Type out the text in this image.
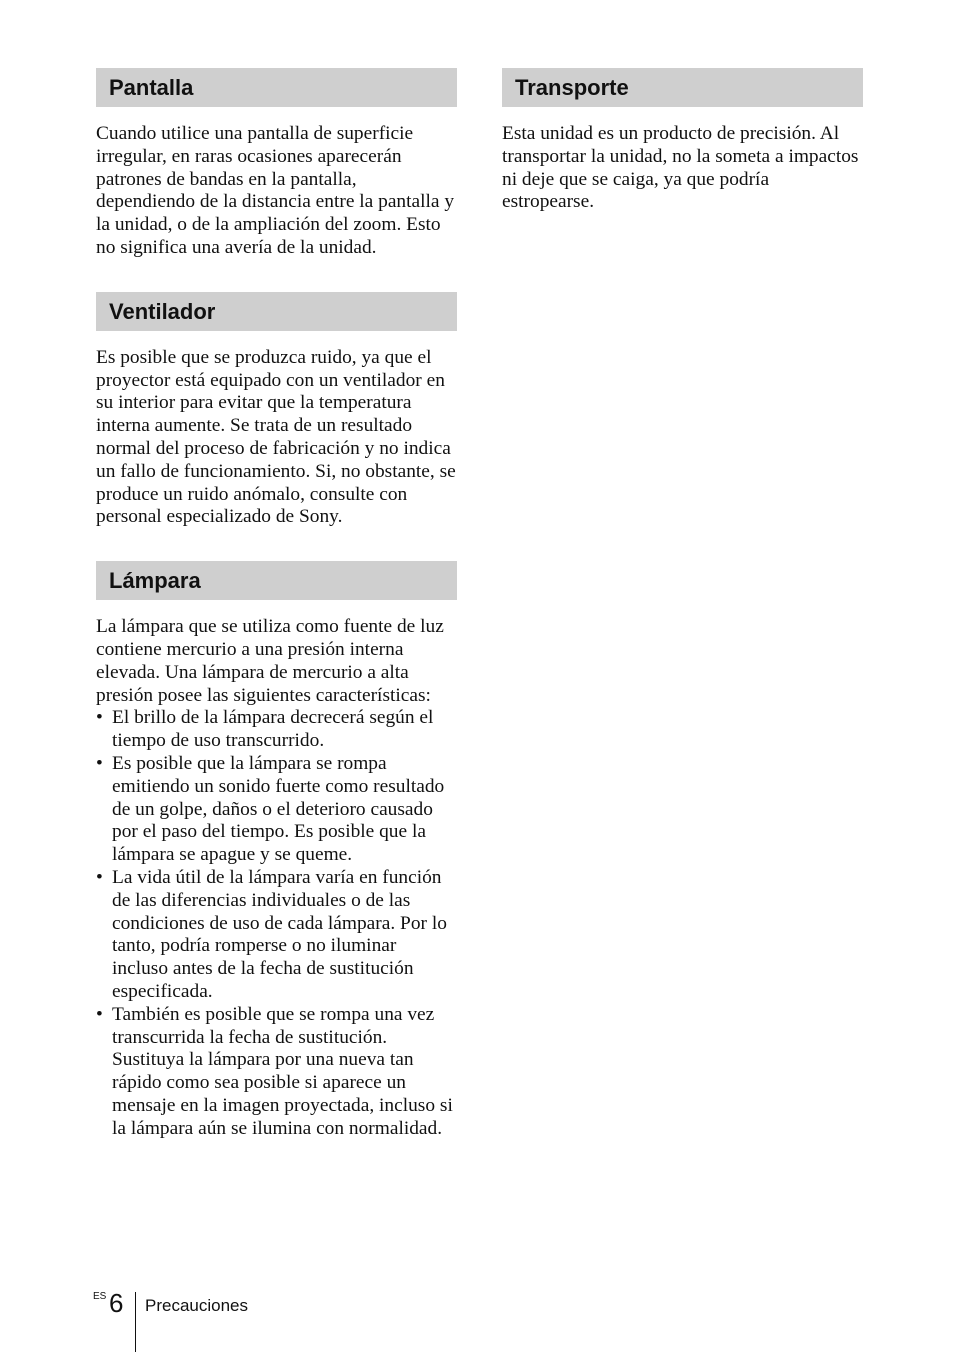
Pantalla

Cuando utilice una pantalla de superficie irregular, en raras ocasiones aparecerán patrones de bandas en la pantalla, dependiendo de la distancia entre la pantalla y la unidad, o de la ampliación del zoom. Esto no significa una avería de la unidad.

Ventilador

Es posible que se produzca ruido, ya que el proyector está equipado con un ventilador en su interior para evitar que la temperatura interna aumente. Se trata de un resultado normal del proceso de fabricación y no indica un fallo de funcionamiento. Si, no obstante, se produce un ruido anómalo, consulte con personal especializado de Sony.

Lámpara

La lámpara que se utiliza como fuente de luz contiene mercurio a una presión interna elevada. Una lámpara de mercurio a alta presión posee las siguientes características:

• El brillo de la lámpara decrecerá según el tiempo de uso transcurrido.
• Es posible que la lámpara se rompa emitiendo un sonido fuerte como resultado de un golpe, daños o el deterioro causado por el paso del tiempo. Es posible que la lámpara se apague y se queme.
• La vida útil de la lámpara varía en función de las diferencias individuales o de las condiciones de uso de cada lámpara. Por lo tanto, podría romperse o no iluminar incluso antes de la fecha de sustitución especificada.
• También es posible que se rompa una vez transcurrida la fecha de sustitución. Sustituya la lámpara por una nueva tan rápido como sea posible si aparece un mensaje en la imagen proyectada, incluso si la lámpara aún se ilumina con normalidad.
Transporte

Esta unidad es un producto de precisión. Al transportar la unidad, no la someta a impactos ni deje que se caiga, ya que podría estropearse.

ES 6 Precauciones
